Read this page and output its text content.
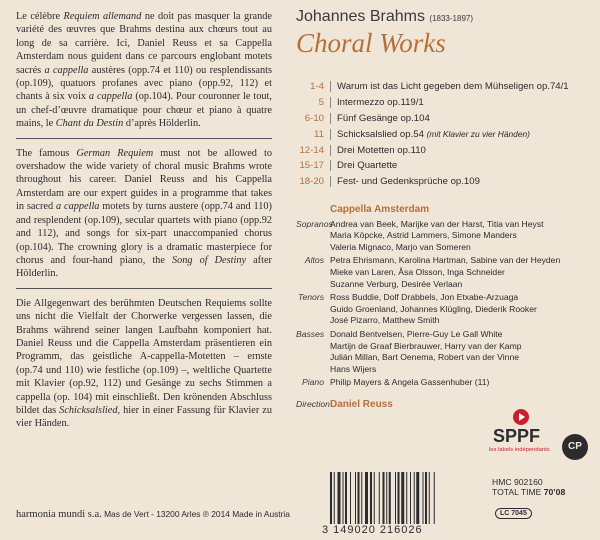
Le célèbre Requiem allemand ne doit pas masquer la grande variété des œuvres que Brahms destina aux chœurs tout au long de sa carrière. Ici, Daniel Reuss et sa Cappella Amsterdam nous guident dans ce parcours englobant motets sacrés a cappella austères (opp.74 et 110) ou resplendissants (op.109), quatuors profanes avec piano (opp.92, 112) et chants à six voix a cappella (op.104). Pour couronner le tout, un chef-d’œuvre dramatique pour chœur et piano à quatre mains, le Chant du Destin d’après Hölderlin.

The famous German Requiem must not be allowed to overshadow the wide variety of choral music Brahms wrote throughout his career. Daniel Reuss and his Cappella Amsterdam are our expert guides in a programme that takes in sacred a cappella motets by turns austere (opp.74 and 110) and resplendent (op.109), secular quartets with piano (opp.92 and 112), and songs for six-part unaccompanied chorus (op.104). The crowning glory is a dramatic masterpiece for chorus and four-hand piano, the Song of Destiny after Hölderlin.

Die Allgegenwart des berühmten Deutschen Requiems sollte uns nicht die Vielfalt der Chorwerke vergessen lassen, die Brahms während seiner langen Laufbahn komponiert hat. Daniel Reuss und die Cappella Amsterdam präsentieren ein Programm, das geistliche A-cappella-Motetten – ernste (op.74 und 110) wie festliche (op.109) –, weltliche Quartette mit Klavier (op.92, 112) und Gesänge zu sechs Stimmen a cappella (op. 104) mit einschließt. Den krönenden Abschluss bildet das Schicksalslied, hier in einer Fassung für Klavier zu vier Händen.

Johannes Brahms (1833-1897)
Choral Works
1-4	Warum ist das Licht gegeben dem Mühseligen op.74/1
5	Intermezzo op.119/1
6-10	Fünf Gesänge op.104
11	Schicksalslied op.54 (mit Klavier zu vier Händen)
12-14	Drei Motetten op.110
15-17	Drei Quartette
18-20	Fest- und Gedenksprüche op.109
Cappella Amsterdam
Sopranos
Andrea van Beek, Marijke van der Harst, Titia van Heyst
Maria Köpcke, Astrid Lammers, Simone Manders
Valeria Mignaco, Marjo van Someren
Altos Petra Ehrismann, Karolina Hartman, Sabine van der Heyden
Mieke van Laren, Åsa Olsson, Inga Schneider
Suzanne Verburg, Desirée Verlaan
Tenors Ross Buddie, Dolf Drabbels, Jon Etxabe-Arzuaga
Guido Groenland, Johannes Klügling, Diederik Rooker
José Pizarro, Matthew Smith
Basses Donald Bentvelsen, Pierre-Guy Le Gall White
Martijn de Graaf Bierbrauwer, Harry van der Kamp
Julián Millan, Bart Oenema, Robert van der Vinne
Hans Wijers
Piano Philip Mayers & Angela Gassenhuber (11)
Direction Daniel Reuss
harmonia mundi s.a. Mas de Vert - 13200 Arles ℗ 2014 Made in Austria
3 149020 216026
SPPF
les labels indépendants	CP
HMC 902160
TOTAL TIME 70’08
LC 7045
